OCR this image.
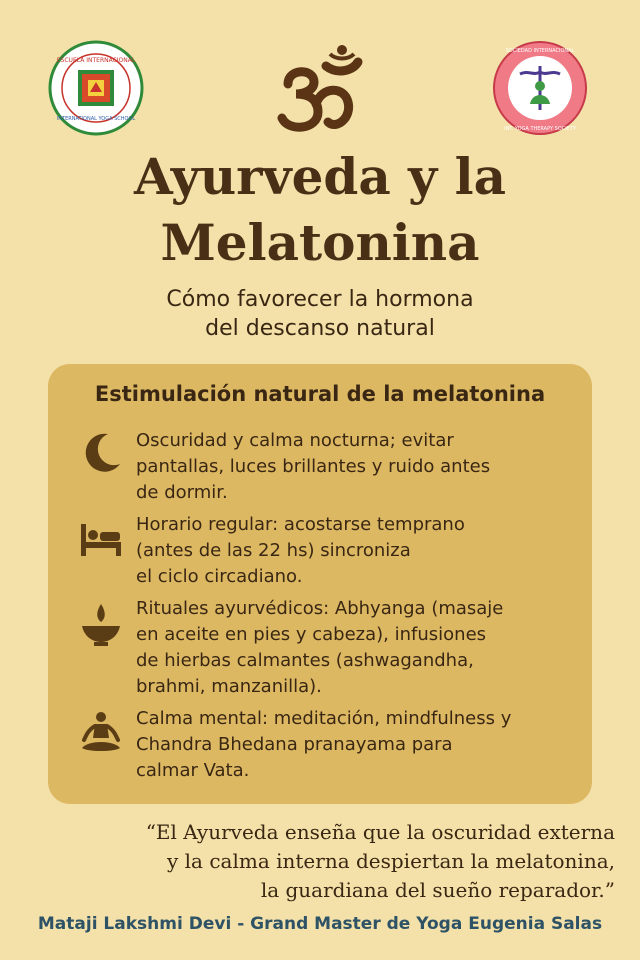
ESCUELA INTERNACIONAL
INTERNATIONAL YOGA SCHOOL
SOCIEDAD INTERNACIONAL
INT. YOGA THERAPY SOCIETY
Ayurveda y la
Melatonina
Cómo favorecer la hormona
del descanso natural
Estimulación natural de la melatonina
Oscuridad y calma nocturna; evitar
pantallas, luces brillantes y ruido antes
de dormir.
Horario regular: acostarse temprano
(antes de las 22 hs) sincroniza
el ciclo circadiano.
Rituales ayurvédicos: Abhyanga (masaje
en aceite en pies y cabeza), infusiones
de hierbas calmantes (ashwagandha,
brahmi, manzanilla).
Calma mental: meditación, mindfulness y
Chandra Bhedana pranayama para
calmar Vata.
“El Ayurveda enseña que la oscuridad externa
y la calma interna despiertan la melatonina,
la guardiana del sueño reparador.”
Mataji Lakshmi Devi - Grand Master de Yoga Eugenia Salas
